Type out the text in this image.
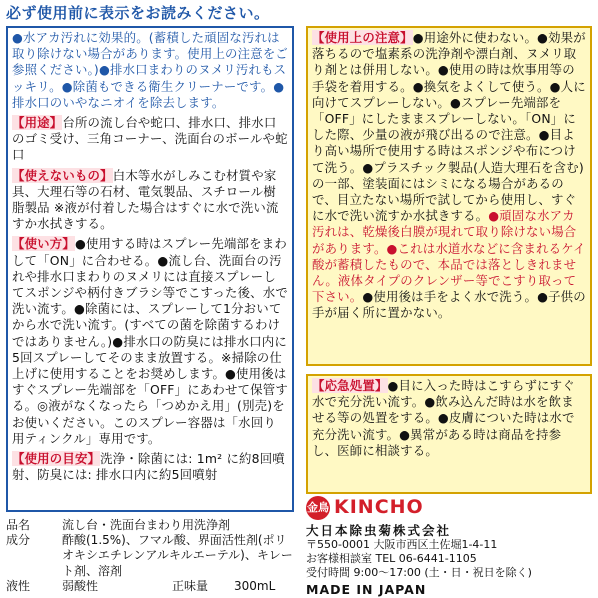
必ず使用前に表示をお読みください。
●水アカ汚れに効果的。(蓄積した頑固な汚れは取り除けない場合があります。使用上の注意をご参照ください。)●排水口まわりのヌメリ汚れもスッキリ。●除菌もできる衛生クリーナーです。●排水口のいやなニオイを除去します。
【用途】台所の流し台や蛇口、排水口、排水口のゴミ受け、三角コーナー、洗面台のボールや蛇口
【使えないもの】白木等水がしみこむ材質や家具、大理石等の石材、電気製品、スチロール樹脂製品 ※液が付着した場合はすぐに水で洗い流すか水拭きする。
【使い方】●使用する時はスプレー先端部をまわして「ON」に合わせる。●流し台、洗面台の汚れや排水口まわりのヌメリには直接スプレーしてスポンジや柄付きブラシ等でこすった後、水で洗い流す。●除菌には、スプレーして1分おいてから水で洗い流す。(すべての菌を除菌するわけではありません。)●排水口の防臭には排水口内に5回スプレーしてそのまま放置する。※掃除の仕上げに使用することをお奨めします。●使用後はすぐスプレー先端部を「OFF」にあわせて保管する。◎液がなくなったら「つめかえ用」(別売)をお使いください。このスプレー容器は「水回り用ティンクル」専用です。
【使用の目安】洗浄・除菌には: 1m² に約8回噴射、防臭には: 排水口内に約5回噴射
【使用上の注意】●用途外に使わない。●効果が落ちるので塩素系の洗浄剤や漂白剤、ヌメリ取り剤とは併用しない。●使用の時は炊事用等の手袋を着用する。●換気をよくして使う。●人に向けてスプレーしない。●スプレー先端部を「OFF」にしたままスプレーしない。「ON」にした際、少量の液が飛び出るので注意。●目より高い場所で使用する時はスポンジや布につけて洗う。●プラスチック製品(人造大理石を含む)の一部、塗装面にはシミになる場合があるので、目立たない場所で試してから使用し、すぐに水で洗い流すか水拭きする。●頑固な水アカ汚れは、乾燥後白膜が現れて取り除けない場合があります。●これは水道水などに含まれるケイ酸が蓄積したもので、本品では落としきれません。液体タイプのクレンザー等でこすり取って下さい。●使用後は手をよく水で洗う。●子供の手が届く所に置かない。
【応急処置】●目に入った時はこすらずにすぐ水で充分洗い流す。●飲み込んだ時は水を飲ませる等の処置をする。●皮膚についた時は水で充分洗い流す。●異常がある時は商品を持参し、医師に相談する。
品名	流し台・洗面台まわり用洗浄剤
成分	酢酸(1.5%)、フマル酸、界面活性剤(ポリオキシエチレンアルキルエーテル)、キレート剤、溶剤
液性	弱酸性	正味量 300mL
金鳥 KINCHO
大日本除虫菊株式会社
〒550-0001 大阪市西区土佐堀1-4-11
お客様相談室 TEL 06-6441-1105
受付時間 9:00〜17:00 (土・日・祝日を除く)
MADE IN JAPAN
